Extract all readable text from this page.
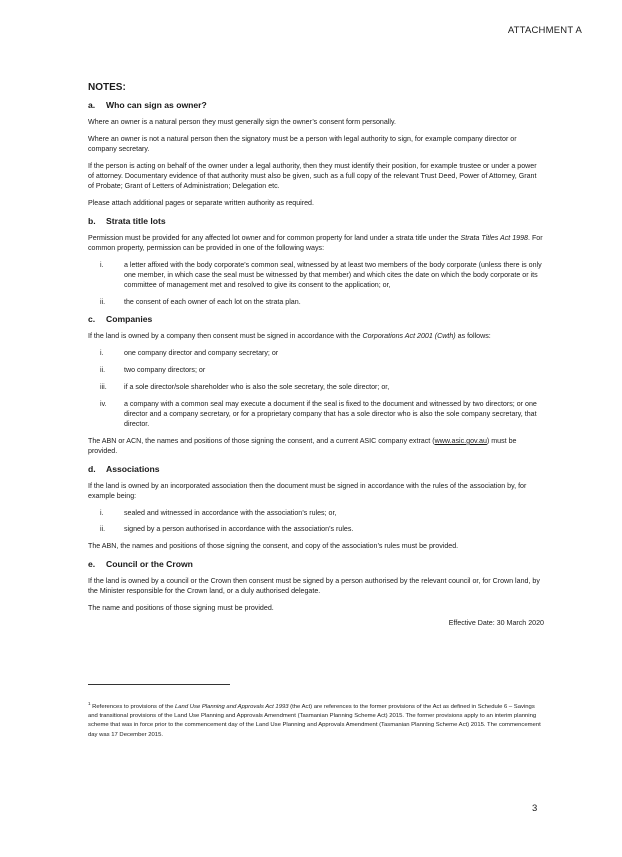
ATTACHMENT A
NOTES:
a.	Who can sign as owner?

Where an owner is a natural person they must generally sign the owner’s consent form personally.

Where an owner is not a natural person then the signatory must be a person with legal authority to sign, for example company director or company secretary.

If the person is acting on behalf of the owner under a legal authority, then they must identify their position, for example trustee or under a power of attorney. Documentary evidence of that authority must also be given, such as a full copy of the relevant Trust Deed, Power of Attorney, Grant of Probate; Grant of Letters of Administration; Delegation etc.

Please attach additional pages or separate written authority as required.

b.	Strata title lots

Permission must be provided for any affected lot owner and for common property for land under a strata title under the Strata Titles Act 1998. For common property, permission can be provided in one of the following ways:

i.	a letter affixed with the body corporate’s common seal, witnessed by at least two members of the body corporate (unless there is only one member, in which case the seal must be witnessed by that member) and which cites the date on which the body corporate or its committee of management met and resolved to give its consent to the application; or,
ii.	the consent of each owner of each lot on the strata plan.
c.	Companies

If the land is owned by a company then consent must be signed in accordance with the Corporations Act 2001 (Cwth) as follows:

i.	one company director and company secretary; or
ii.	two company directors; or
iii.	if a sole director/sole shareholder who is also the sole secretary, the sole director; or,
iv.	a company with a common seal may execute a document if the seal is fixed to the document and witnessed by two directors; or one director and a company secretary, or for a proprietary company that has a sole director who is also the sole company secretary, that director.

The ABN or ACN, the names and positions of those signing the consent, and a current ASIC company extract (www.asic.gov.au) must be provided.

d.	Associations

If the land is owned by an incorporated association then the document must be signed in accordance with the rules of the association by, for example being:

i.	sealed and witnessed in accordance with the association’s rules; or,
ii.	signed by a person authorised in accordance with the association’s rules.

The ABN, the names and positions of those signing the consent, and copy of the association’s rules must be provided.

e.	Council or the Crown

If the land is owned by a council or the Crown then consent must be signed by a person authorised by the relevant council or, for Crown land, by the Minister responsible for the Crown land, or a duly authorised delegate.

The name and positions of those signing must be provided.

Effective Date: 30 March 2020
$^1$ References to provisions of the Land Use Planning and Approvals Act 1993 (the Act) are references to the former provisions of the Act as defined in Schedule 6 – Savings and transitional provisions of the Land Use Planning and Approvals Amendment (Tasmanian Planning Scheme Act) 2015. The former provisions apply to an interim planning scheme that was in force prior to the commencement day of the Land Use Planning and Approvals Amendment (Tasmanian Planning Scheme Act) 2015. The commencement day was 17 December 2015.
3
